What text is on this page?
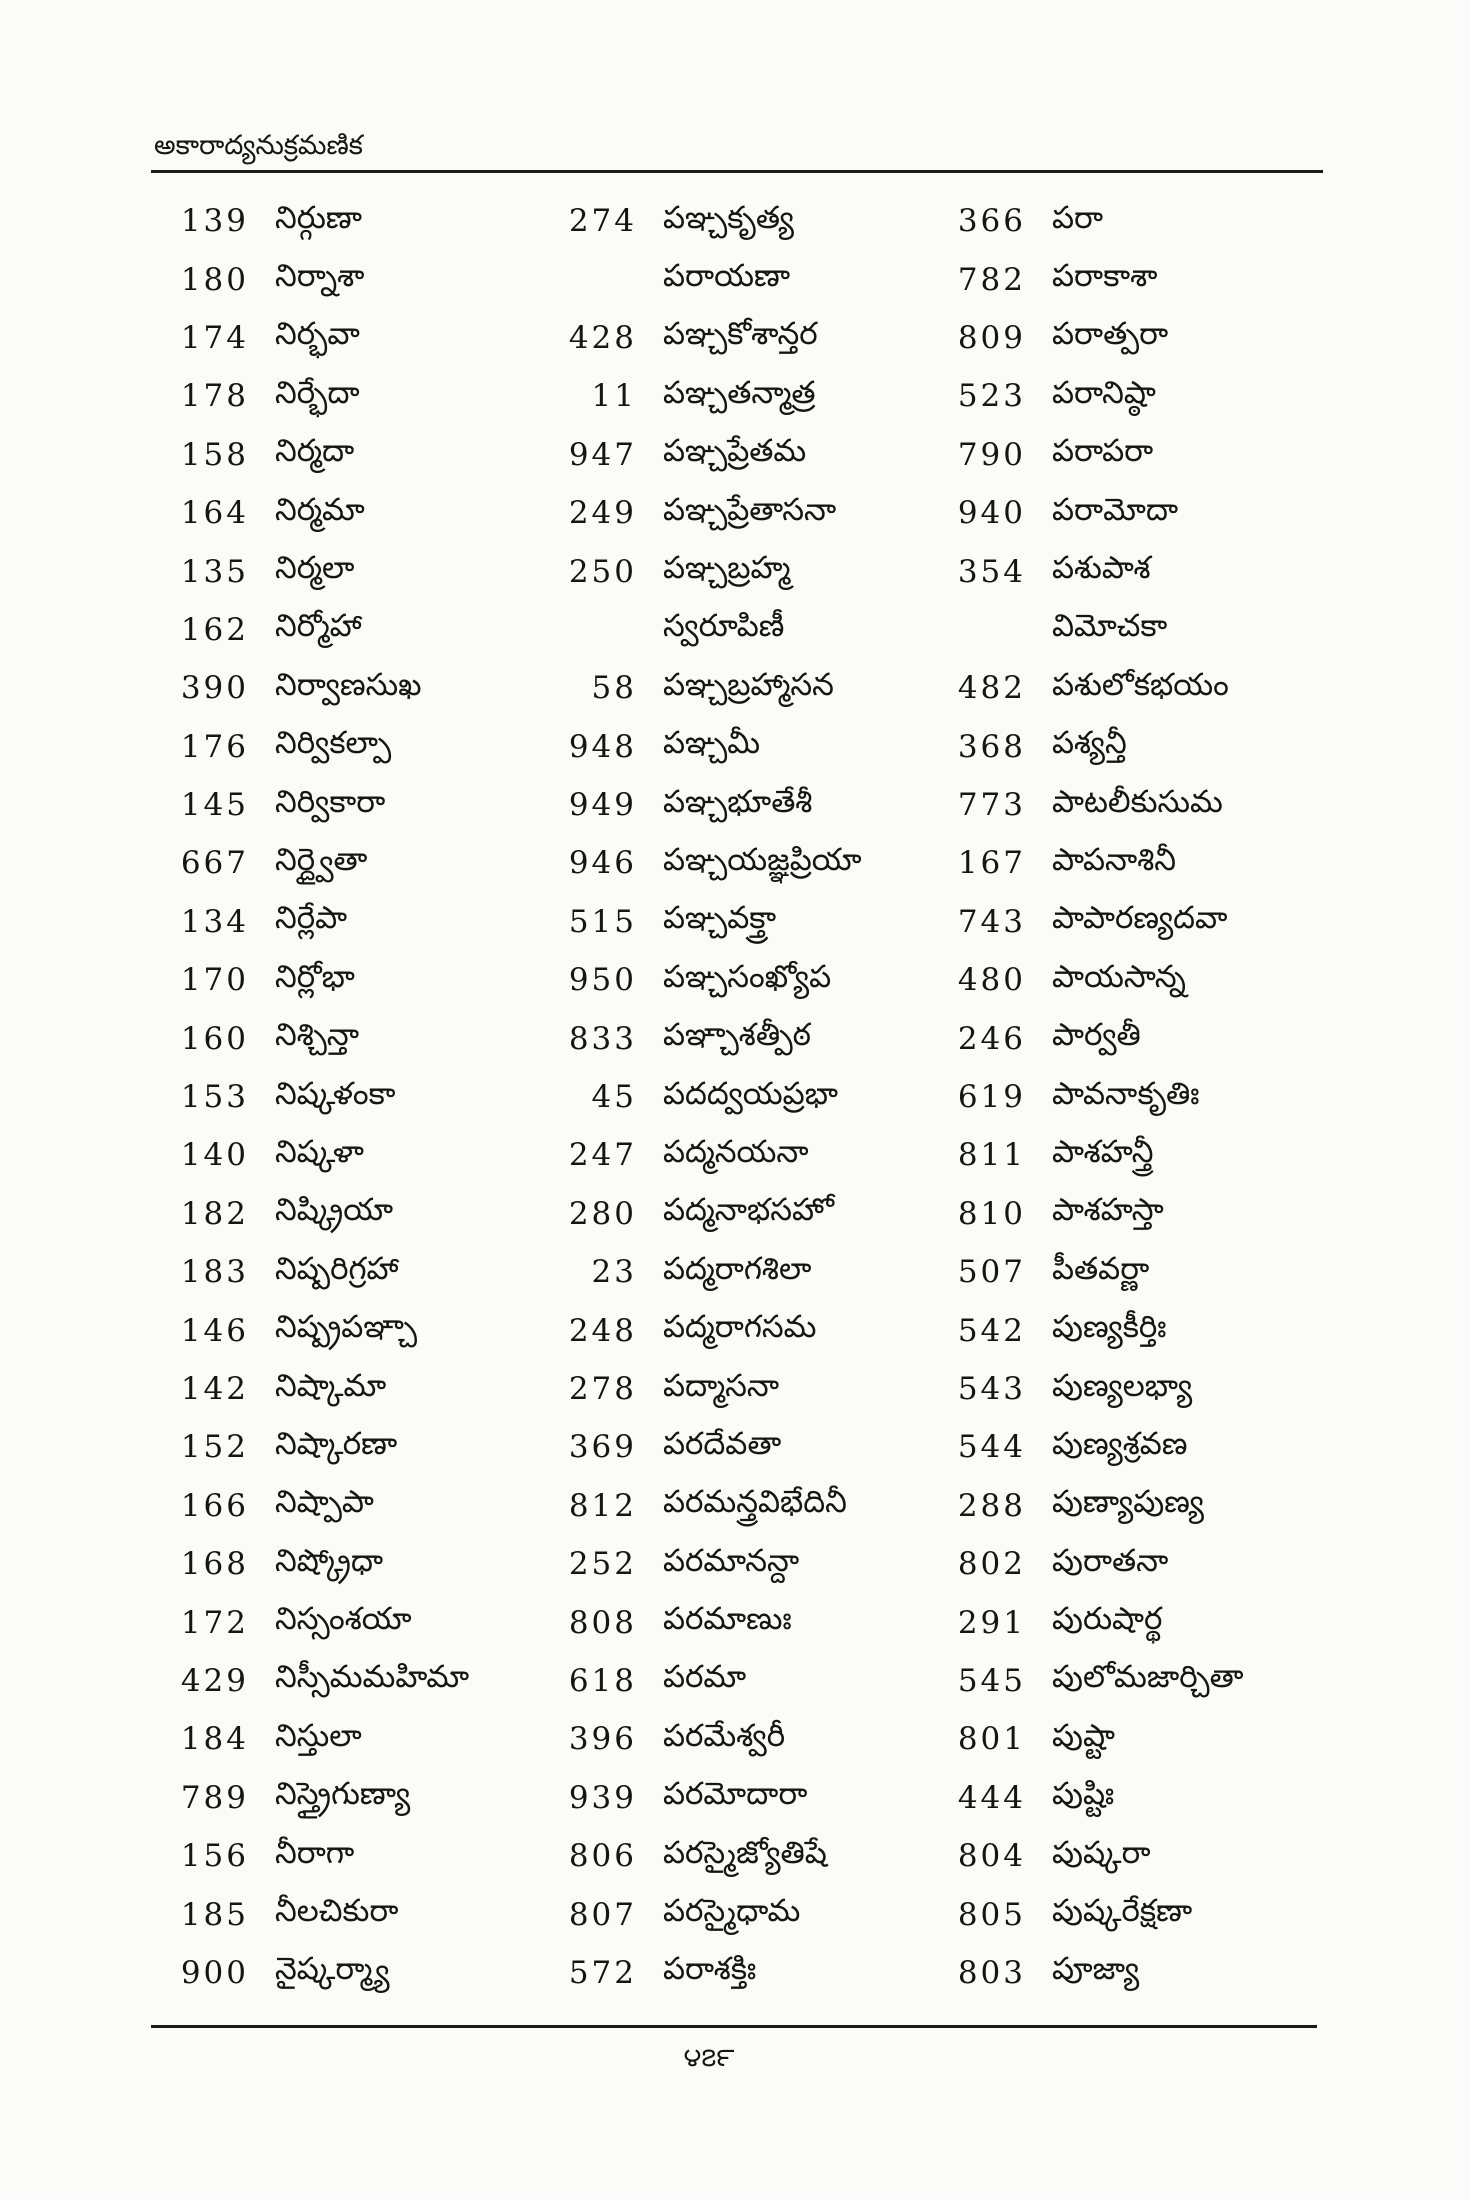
అకారాద్యనుక్రమణిక
139 నిర్గుణా
180 నిర్నాశా
174 నిర్భవా
178 నిర్భేదా
158 నిర్మదా
164 నిర్మమా
135 నిర్మలా
162 నిర్మోహా
390 నిర్వాణసుఖ
176 నిర్వికల్పా
145 నిర్వికారా
667 నిర్ద్వైతా
134 నిర్లేపా
170 నిర్లోభా
160 నిశ్చిన్తా
153 నిష్కళంకా
140 నిష్కళా
182 నిష్క్రియా
183 నిష్పరిగ్రహా
146 నిష్ప్రపఞ్చా
142 నిష్కామా
152 నిష్కారణా
166 నిష్పాపా
168 నిష్క్రోధా
172 నిస్సంశయా
429 నిస్సీమమహిమా
184 నిస్తులా
789 నిస్త్రైగుణ్యా
156 నీరాగా
185 నీలచికురా
900 నైష్కర్మ్యా
274 పఞ్చకృత్య
పరాయణా
428 పఞ్చకోశాన్తర
11 పఞ్చతన్మాత్ర
947 పఞ్చప్రేతమ
249 పఞ్చప్రేతాసనా
250 పఞ్చబ్రహ్మ
స్వరూపిణీ
58 పఞ్చబ్రహ్మాసన
948 పఞ్చమీ
949 పఞ్చభూతేశీ
946 పఞ్చయజ్ఞప్రియా
515 పఞ్చవక్త్రా
950 పఞ్చసంఖ్యోప
833 పఞ్చాశత్పీఠ
45 పదద్వయప్రభా
247 పద్మనయనా
280 పద్మనాభసహో
23 పద్మరాగశిలా
248 పద్మరాగసమ
278 పద్మాసనా
369 పరదేవతా
812 పరమన్త్రవిభేదినీ
252 పరమానన్దా
808 పరమాణుః
618 పరమా
396 పరమేశ్వరీ
939 పరమోదారా
806 పరస్మైజ్యోతిషే
807 పరస్మైధామ
572 పరాశక్తిః
366 పరా
782 పరాకాశా
809 పరాత్పరా
523 పరానిష్ఠా
790 పరాపరా
940 పరామోదా
354 పశుపాశ
విమోచకా
482 పశులోకభయం
368 పశ్యన్తీ
773 పాటలీకుసుమ
167 పాపనాశినీ
743 పాపారణ్యదవా
480 పాయసాన్న
246 పార్వతీ
619 పావనాకృతిః
811 పాశహన్త్రీ
810 పాశహస్తా
507 పీతవర్ణా
542 పుణ్యకీర్తిః
543 పుణ్యలభ్యా
544 పుణ్యశ్రవణ
288 పుణ్యాపుణ్య
802 పురాతనా
291 పురుషార్థ
545 పులోమజార్చితా
801 పుష్టా
444 పుష్టిః
804 పుష్కరా
805 పుష్కరేక్షణా
803 పూజ్యా
౪౭౯
